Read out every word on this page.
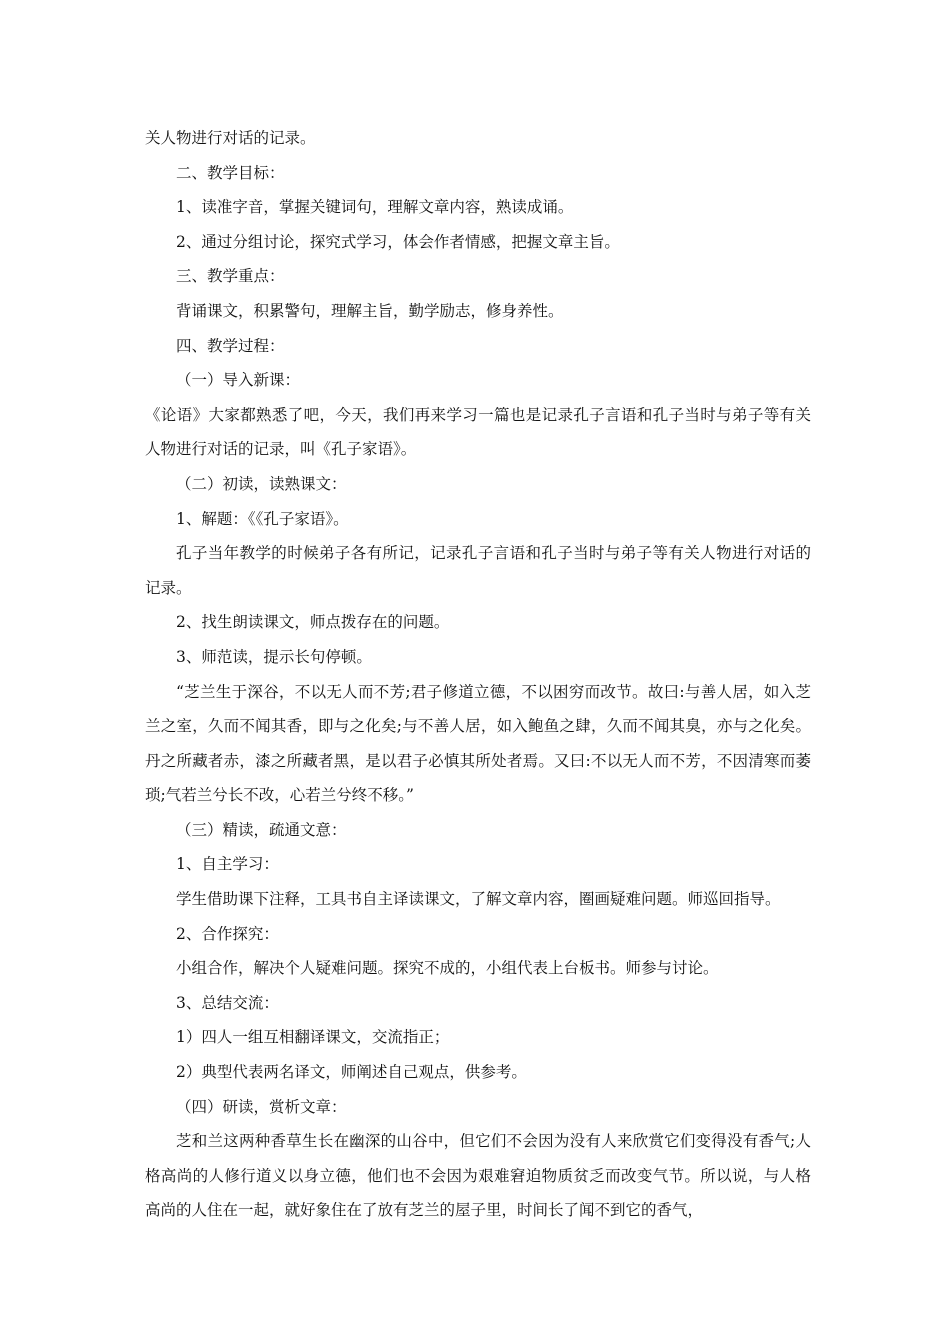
关人物进行对话的记录。

二、教学目标：

1、读准字音，掌握关键词句，理解文章内容，熟读成诵。

2、通过分组讨论，探究式学习，体会作者情感，把握文章主旨。

三、教学重点：

背诵课文，积累警句，理解主旨，勤学励志，修身养性。

四、教学过程：

（一）导入新课：

《论语》大家都熟悉了吧，今天，我们再来学习一篇也是记录孔子言语和孔子当时与弟子等有关人物进行对话的记录，叫《孔子家语》。

（二）初读，读熟课文：

1、解题：《《孔子家语》。

孔子当年教学的时候弟子各有所记，记录孔子言语和孔子当时与弟子等有关人物进行对话的记录。

2、找生朗读课文，师点拨存在的问题。

3、师范读，提示长句停顿。

“芝兰生于深谷，不以无人而不芳;君子修道立德，不以困穷而改节。故曰:与善人居，如入芝兰之室，久而不闻其香，即与之化矣;与不善人居，如入鲍鱼之肆，久而不闻其臭，亦与之化矣。丹之所藏者赤，漆之所藏者黑，是以君子必慎其所处者焉。又曰:不以无人而不芳，不因清寒而萎琐;气若兰兮长不改，心若兰兮终不移。”

（三）精读，疏通文意：

1、自主学习：

学生借助课下注释，工具书自主译读课文，了解文章内容，圈画疑难问题。师巡回指导。

2、合作探究：

小组合作，解决个人疑难问题。探究不成的，小组代表上台板书。师参与讨论。

3、总结交流：

1）四人一组互相翻译课文，交流指正；

2）典型代表两名译文，师阐述自己观点，供参考。

（四）研读，赏析文章：

芝和兰这两种香草生长在幽深的山谷中，但它们不会因为没有人来欣赏它们变得没有香气;人格高尚的人修行道义以身立德，他们也不会因为艰难窘迫物质贫乏而改变气节。所以说，与人格高尚的人住在一起，就好象住在了放有芝兰的屋子里，时间长了闻不到它的香气，
